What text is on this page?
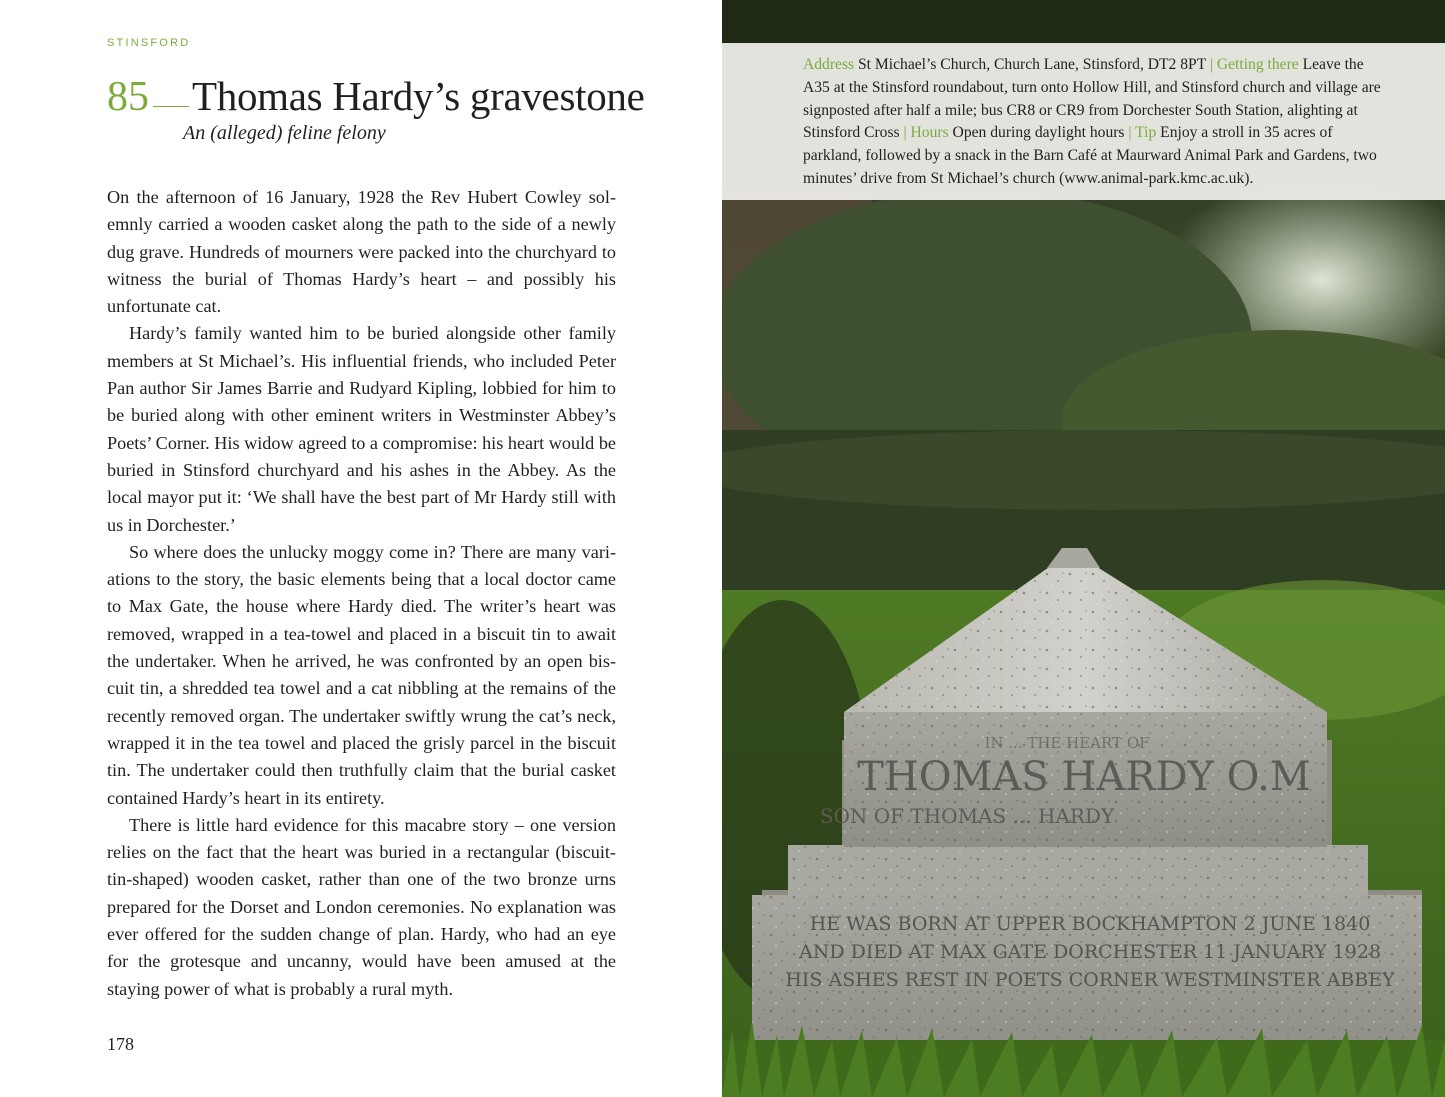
STINSFORD
85 Thomas Hardy’s gravestone
An (alleged) feline felony

On the afternoon of 16 January, 1928 the Rev Hubert Cowley solemnly carried a wooden casket along the path to the side of a newly dug grave. Hundreds of mourners were packed into the churchyard to witness the burial of Thomas Hardy’s heart – and possibly his unfortunate cat.

Hardy’s family wanted him to be buried alongside other family members at St Michael’s. His influential friends, who included Peter Pan author Sir James Barrie and Rudyard Kipling, lobbied for him to be buried along with other eminent writers in Westminster Abbey’s Poets’ Corner. His widow agreed to a compromise: his heart would be buried in Stinsford churchyard and his ashes in the Abbey. As the local mayor put it: ‘We shall have the best part of Mr Hardy still with us in Dorchester.’

So where does the unlucky moggy come in? There are many variations to the story, the basic elements being that a local doctor came to Max Gate, the house where Hardy died. The writer’s heart was removed, wrapped in a tea-towel and placed in a biscuit tin to await the undertaker. When he arrived, he was confronted by an open biscuit tin, a shredded tea towel and a cat nibbling at the remains of the recently removed organ. The undertaker swiftly wrung the cat’s neck, wrapped it in the tea towel and placed the grisly parcel in the biscuit tin. The undertaker could then truthfully claim that the burial casket contained Hardy’s heart in its entirety.

There is little hard evidence for this macabre story – one version relies on the fact that the heart was buried in a rectangular (biscuit-tin-shaped) wooden casket, rather than one of the two bronze urns prepared for the Dorset and London ceremonies. No explanation was ever offered for the sudden change of plan. Hardy, who had an eye for the grotesque and uncanny, would have been amused at the staying power of what is probably a rural myth.

178
IN ... THE HEART OF
THOMAS HARDY O.M
SON OF THOMAS ... HARDY
HE WAS BORN AT UPPER BOCKHAMPTON 2 JUNE 1840
AND DIED AT MAX GATE DORCHESTER 11 JANUARY 1928
HIS ASHES REST IN POETS CORNER WESTMINSTER ABBEY
Address St Michael’s Church, Church Lane, Stinsford, DT2 8PT | Getting there Leave the A35 at the Stinsford roundabout, turn onto Hollow Hill, and Stinsford church and village are signposted after half a mile; bus CR8 or CR9 from Dorchester South Station, alighting at Stinsford Cross | Hours Open during daylight hours | Tip Enjoy a stroll in 35 acres of parkland, followed by a snack in the Barn Café at Maurward Animal Park and Gardens, two minutes’ drive from St Michael’s church (www.animal-park.kmc.ac.uk).
